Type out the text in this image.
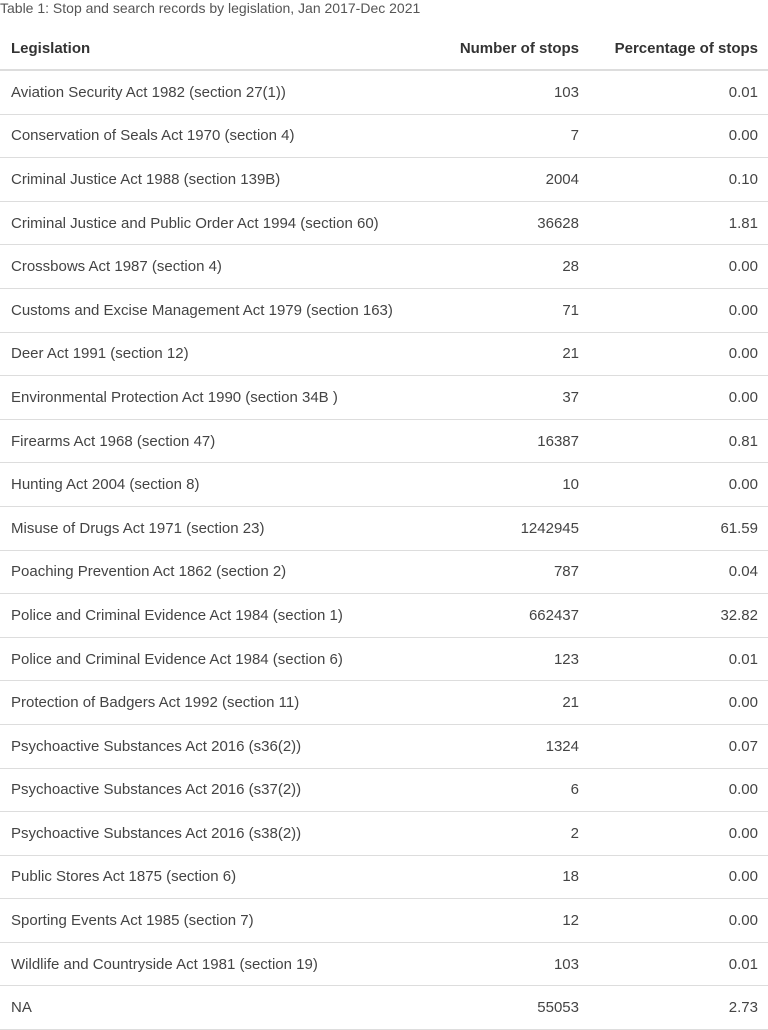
Table 1: Stop and search records by legislation, Jan 2017-Dec 2021
Legislation	Number of stops	Percentage of stops
Aviation Security Act 1982 (section 27(1))	103	0.01
Conservation of Seals Act 1970 (section 4)	7	0.00
Criminal Justice Act 1988 (section 139B)	2004	0.10
Criminal Justice and Public Order Act 1994 (section 60)	36628	1.81
Crossbows Act 1987 (section 4)	28	0.00
Customs and Excise Management Act 1979 (section 163)	71	0.00
Deer Act 1991 (section 12)	21	0.00
Environmental Protection Act 1990 (section 34B )	37	0.00
Firearms Act 1968 (section 47)	16387	0.81
Hunting Act 2004 (section 8)	10	0.00
Misuse of Drugs Act 1971 (section 23)	1242945	61.59
Poaching Prevention Act 1862 (section 2)	787	0.04
Police and Criminal Evidence Act 1984 (section 1)	662437	32.82
Police and Criminal Evidence Act 1984 (section 6)	123	0.01
Protection of Badgers Act 1992 (section 11)	21	0.00
Psychoactive Substances Act 2016 (s36(2))	1324	0.07
Psychoactive Substances Act 2016 (s37(2))	6	0.00
Psychoactive Substances Act 2016 (s38(2))	2	0.00
Public Stores Act 1875 (section 6)	18	0.00
Sporting Events Act 1985 (section 7)	12	0.00
Wildlife and Countryside Act 1981 (section 19)	103	0.01
NA	55053	2.73
